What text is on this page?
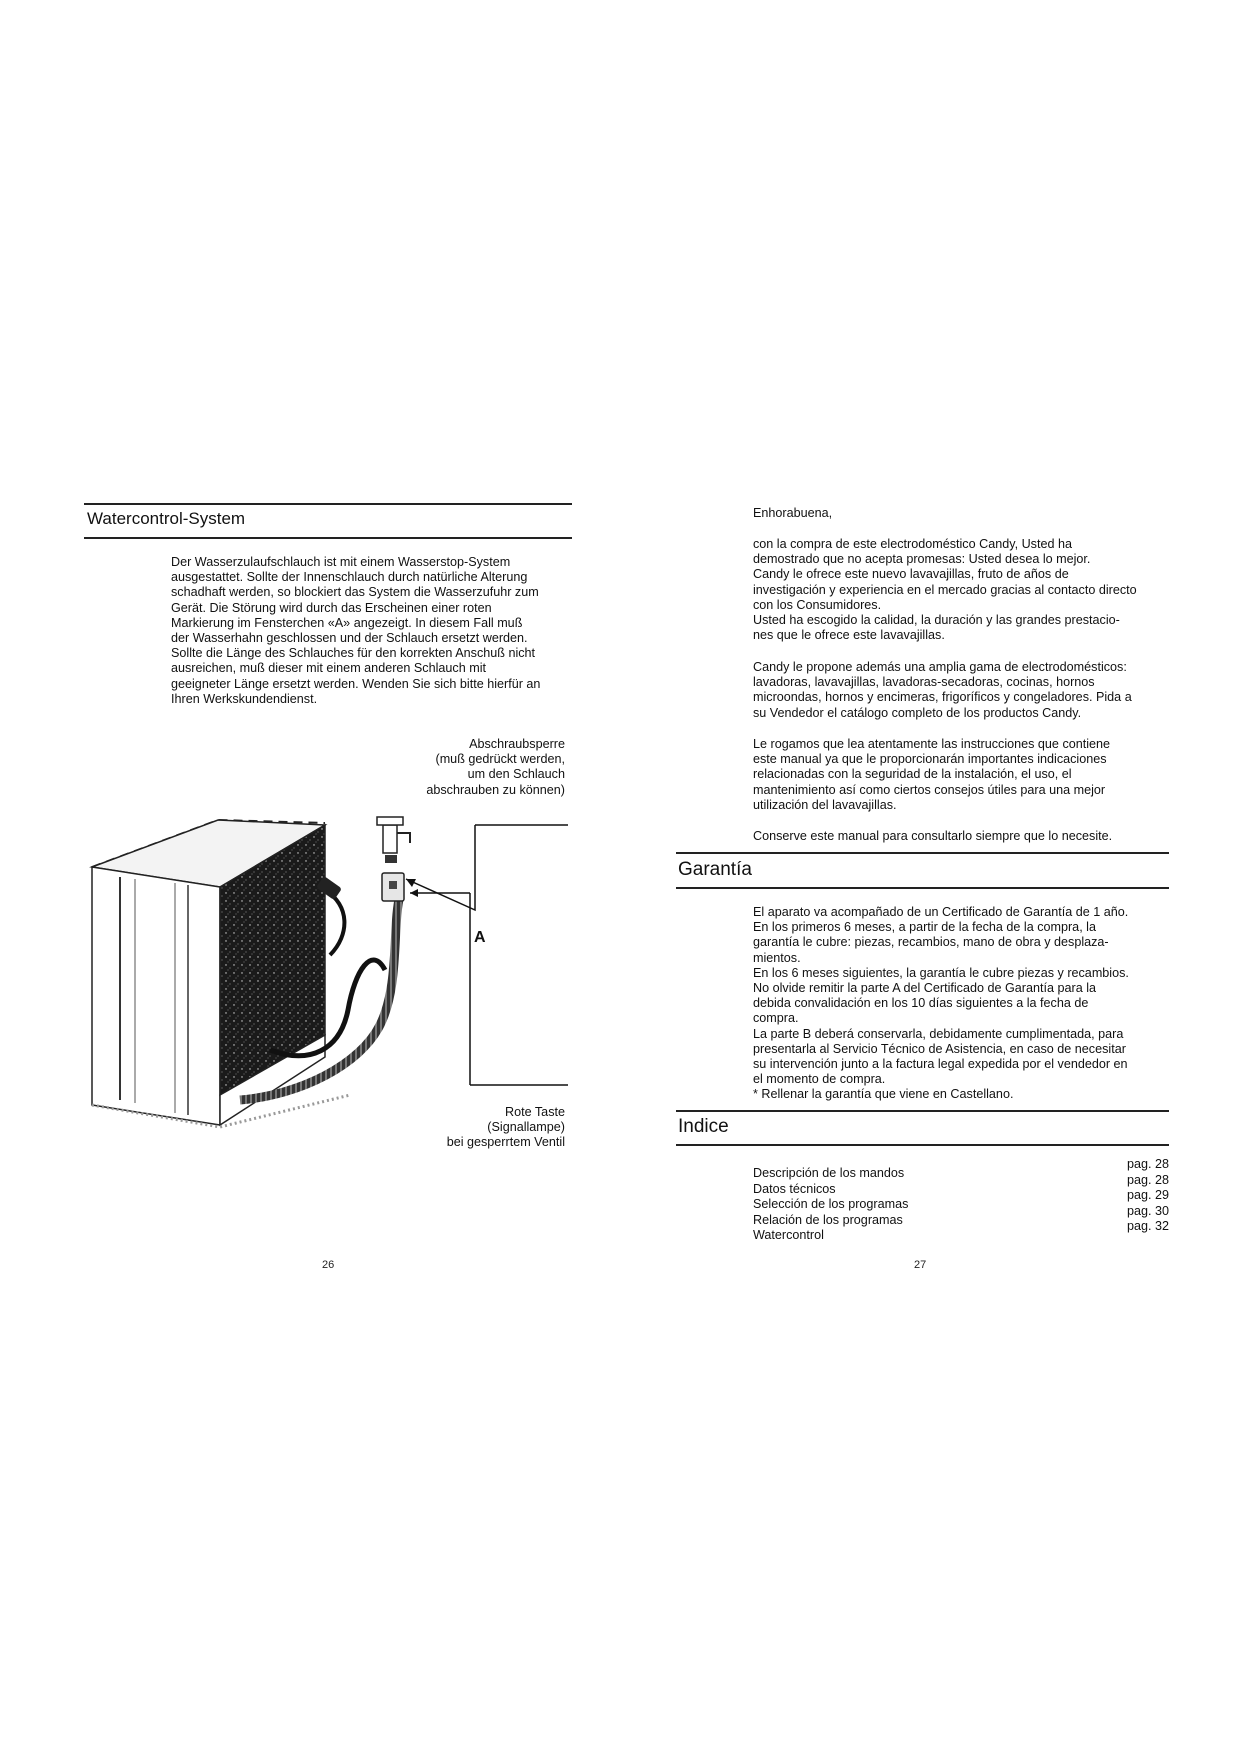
Watercontrol-System

Der Wasserzulaufschlauch ist mit einem Wasserstop-System

ausgestattet. Sollte der Innenschlauch durch natürliche Alterung

schadhaft werden, so blockiert das System die Wasserzufuhr zum

Gerät. Die Störung wird durch das Erscheinen einer roten

Markierung im Fensterchen «A» angezeigt. In diesem Fall muß

der Wasserhahn geschlossen und der Schlauch ersetzt werden.

Sollte die Länge des Schlauches für den korrekten Anschuß nicht

ausreichen, muß dieser mit einem anderen Schlauch mit

geeigneter Länge ersetzt werden. Wenden Sie sich bitte hierfür an

Ihren Werkskundendienst.

Abschraubsperre

(muß gedrückt werden,

um den Schlauch

abschrauben zu können)

A

Rote Taste

(Signallampe)

bei gesperrtem Ventil

26
Enhorabuena,

con la compra de este electrodoméstico Candy, Usted ha

demostrado que no acepta promesas: Usted desea lo mejor.

Candy le ofrece este nuevo lavavajillas, fruto de años de

investigación y experiencia en el mercado gracias al contacto directo

con los Consumidores.

Usted ha escogido la calidad, la duración y las grandes prestacio-

nes que le ofrece este lavavajillas.

Candy le propone además una amplia gama de electrodomésticos:

lavadoras, lavavajillas, lavadoras-secadoras, cocinas, hornos

microondas, hornos y encimeras, frigoríficos y congeladores. Pida a

su Vendedor el catálogo completo de los productos Candy.

Le rogamos que lea atentamente las instrucciones que contiene

este manual ya que le proporcionarán importantes indicaciones

relacionadas con la seguridad de la instalación, el uso, el

mantenimiento así como ciertos consejos útiles para una mejor

utilización del lavavajillas.

Conserve este manual para consultarlo siempre que lo necesite.
Garantía

El aparato va acompañado de un Certificado de Garantía de 1 año.

En los primeros 6 meses, a partir de la fecha de la compra, la

garantía le cubre: piezas, recambios, mano de obra y desplaza-

mientos.

En los 6 meses siguientes, la garantía le cubre piezas y recambios.

No olvide remitir la parte A del Certificado de Garantía para la

debida convalidación en los 10 días siguientes a la fecha de

compra.

La parte B deberá conservarla, debidamente cumplimentada, para

presentarla al Servicio Técnico de Asistencia, en caso de necesitar

su intervención junto a la factura legal expedida por el vendedor en

el momento de compra.

* Rellenar la garantía que viene en Castellano.

Indice
Descripción de los mandos
pag. 28
Datos técnicos
pag. 28
Selección de los programas
pag. 29
Relación de los programas
pag. 30
Watercontrol
pag. 32
27
